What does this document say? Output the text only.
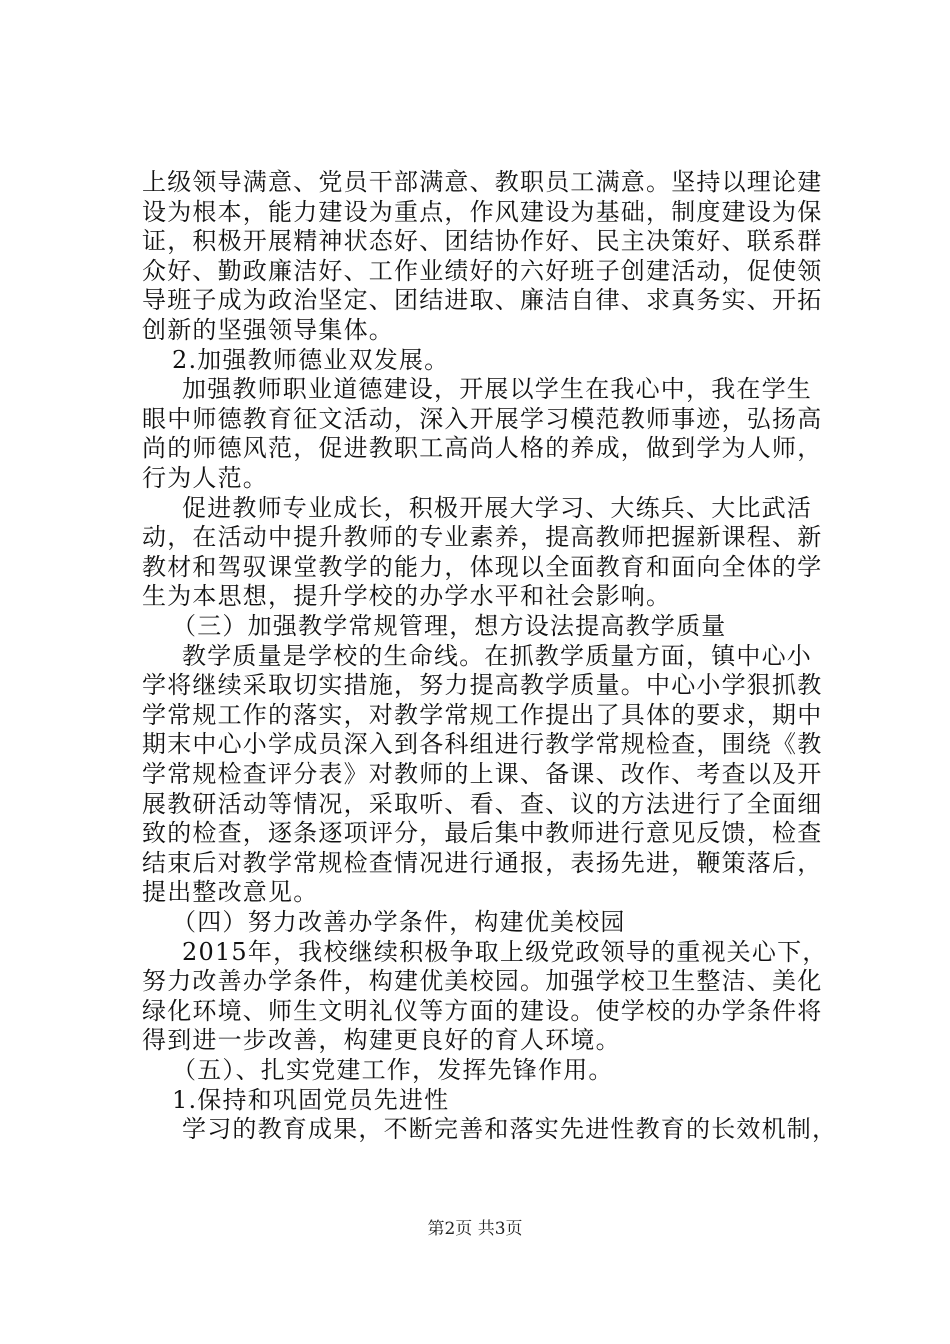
上级领导满意、党员干部满意、教职员工满意。坚持以理论建
设为根本，能力建设为重点，作风建设为基础，制度建设为保
证，积极开展精神状态好、团结协作好、民主决策好、联系群
众好、勤政廉洁好、工作业绩好的六好班子创建活动，促使领
导班子成为政治坚定、团结进取、廉洁自律、求真务实、开拓
创新的坚强领导集体。
2.加强教师德业双发展。
加强教师职业道德建设，开展以学生在我心中，我在学生
眼中师德教育征文活动，深入开展学习模范教师事迹，弘扬高
尚的师德风范，促进教职工高尚人格的养成，做到学为人师，
行为人范。
促进教师专业成长，积极开展大学习、大练兵、大比武活
动，在活动中提升教师的专业素养，提高教师把握新课程、新
教材和驾驭课堂教学的能力，体现以全面教育和面向全体的学
生为本思想，提升学校的办学水平和社会影响。
（三）加强教学常规管理，想方设法提高教学质量
教学质量是学校的生命线。在抓教学质量方面，镇中心小
学将继续采取切实措施，努力提高教学质量。中心小学狠抓教
学常规工作的落实，对教学常规工作提出了具体的要求，期中
期末中心小学成员深入到各科组进行教学常规检查，围绕《教
学常规检查评分表》对教师的上课、备课、改作、考查以及开
展教研活动等情况，采取听、看、查、议的方法进行了全面细
致的检查，逐条逐项评分，最后集中教师进行意见反馈，检查
结束后对教学常规检查情况进行通报，表扬先进，鞭策落后，
提出整改意见。
（四）努力改善办学条件，构建优美校园
2015年，我校继续积极争取上级党政领导的重视关心下，
努力改善办学条件，构建优美校园。加强学校卫生整洁、美化
绿化环境、师生文明礼仪等方面的建设。使学校的办学条件将
得到进一步改善，构建更良好的育人环境。
（五）、扎实党建工作，发挥先锋作用。
1.保持和巩固党员先进性
学习的教育成果，不断完善和落实先进性教育的长效机制，
第2页 共3页
